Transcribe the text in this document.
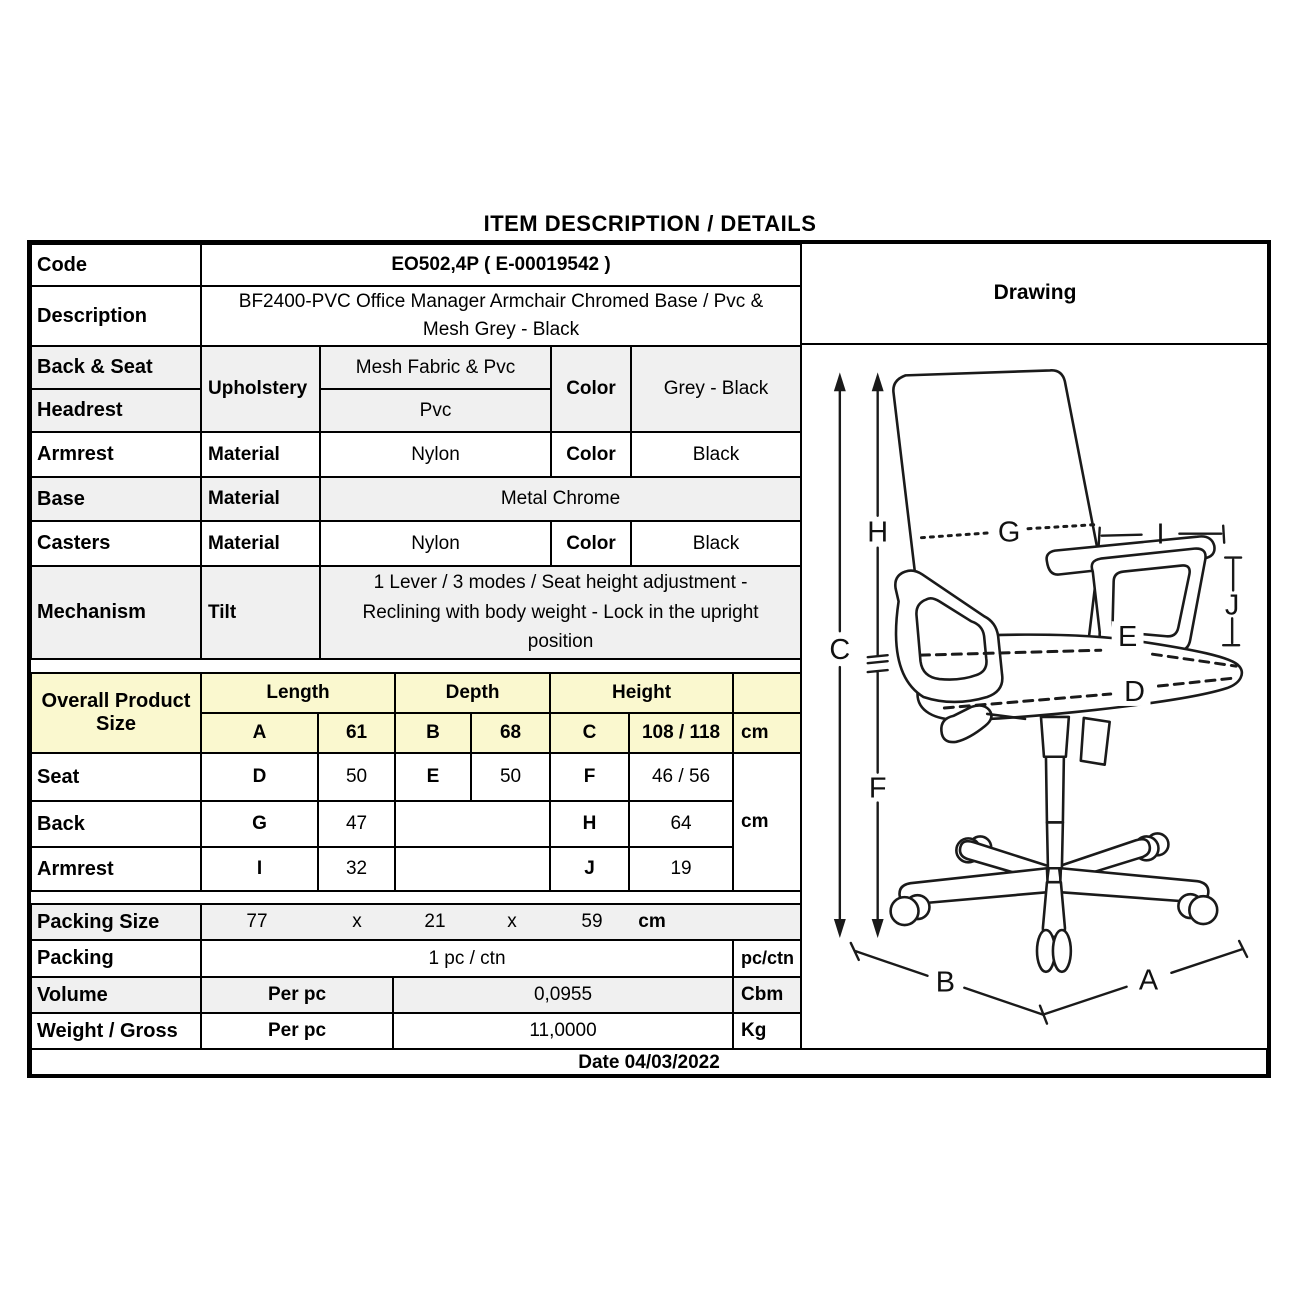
ITEM DESCRIPTION / DETAILS
Code	EO502,4P ( E-00019542 )			
Description	BF2400-PVC Office Manager Armchair Chromed Base / Pvc & Mesh Grey - Black			
Back & Seat	Upholstery	Mesh Fabric & Pvc	Color	Grey - Black
Headrest		Pvc		
Armrest	Material	Nylon	Color	Black
Base	Material	Metal Chrome		
Casters	Material	Nylon	Color	Black
Mechanism	Tilt	1 Lever / 3 modes / Seat height adjustment - Reclining with body weight - Lock in the upright position		
Overall Product Size	Length		Depth		Height		
	A	61	B	68	C	108 / 118	cm
Seat	D	50	E	50	F	46 / 56	cm
Back	G	47			H	64	
Armrest	I	32			J	19	
Packing Size	77	x	21	x	59	cm

Packing	1 pc / ctn		pc/ctn
Volume	Per pc	0,0955	Cbm
Weight / Gross	Per pc	11,0000	Kg
Date 04/03/2022
Drawing
C
H
F
G	I
J
E
D
B	A
